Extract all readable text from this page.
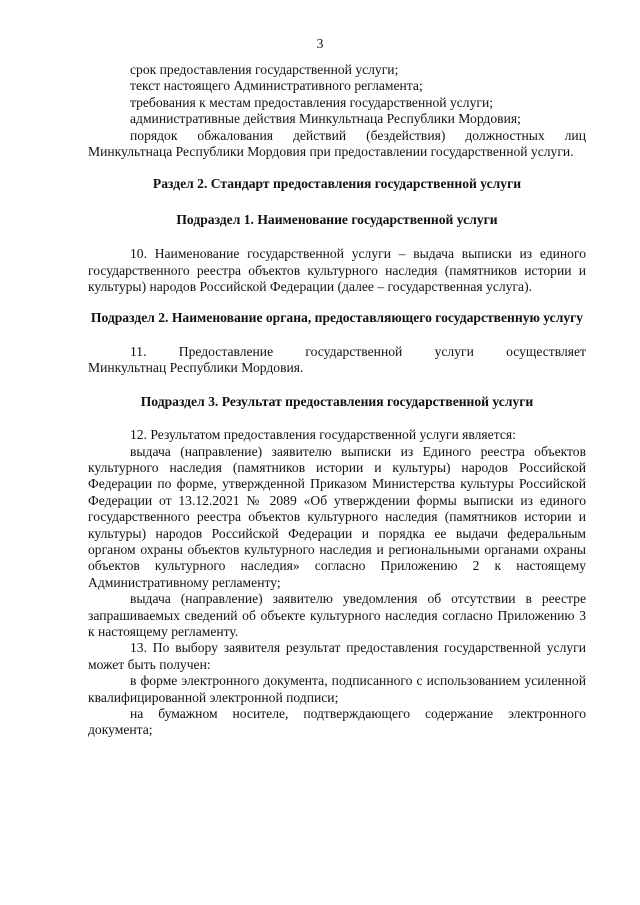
3

срок предоставления государственной услуги;

текст настоящего Административного регламента;

требования к местам предоставления государственной услуги;

административные действия Минкультнаца Республики Мордовия;

порядок обжалования действий (бездействия) должностных лиц Минкультнаца Республики Мордовия при предоставлении государственной услуги.

Раздел 2. Стандарт предоставления государственной услуги
Подраздел 1. Наименование государственной услуги

10. Наименование государственной услуги – выдача выписки из единого государственного реестра объектов культурного наследия (памятников истории и культуры) народов Российской Федерации (далее – государственная услуга).

Подраздел 2. Наименование органа, предоставляющего государственную услугу

11. Предоставление государственной услуги осуществляет

Минкультнац Республики Мордовия.

Подраздел 3. Результат предоставления государственной услуги

12. Результатом предоставления государственной услуги является:

выдача (направление) заявителю выписки из Единого реестра объектов культурного наследия (памятников истории и культуры) народов Российской Федерации по форме, утвержденной Приказом Министерства культуры Российской Федерации от 13.12.2021 № 2089 «Об утверждении формы выписки из единого государственного реестра объектов культурного наследия (памятников истории и культуры) народов Российской Федерации и порядка ее выдачи федеральным органом охраны объектов культурного наследия и региональными органами охраны объектов культурного наследия» согласно Приложению 2 к настоящему Административному регламенту;

выдача (направление) заявителю уведомления об отсутствии в реестре запрашиваемых сведений об объекте культурного наследия согласно Приложению 3 к настоящему регламенту.

13. По выбору заявителя результат предоставления государственной услуги может быть получен:

в форме электронного документа, подписанного с использованием усиленной квалифицированной электронной подписи;

на бумажном носителе, подтверждающего содержание электронного документа;
